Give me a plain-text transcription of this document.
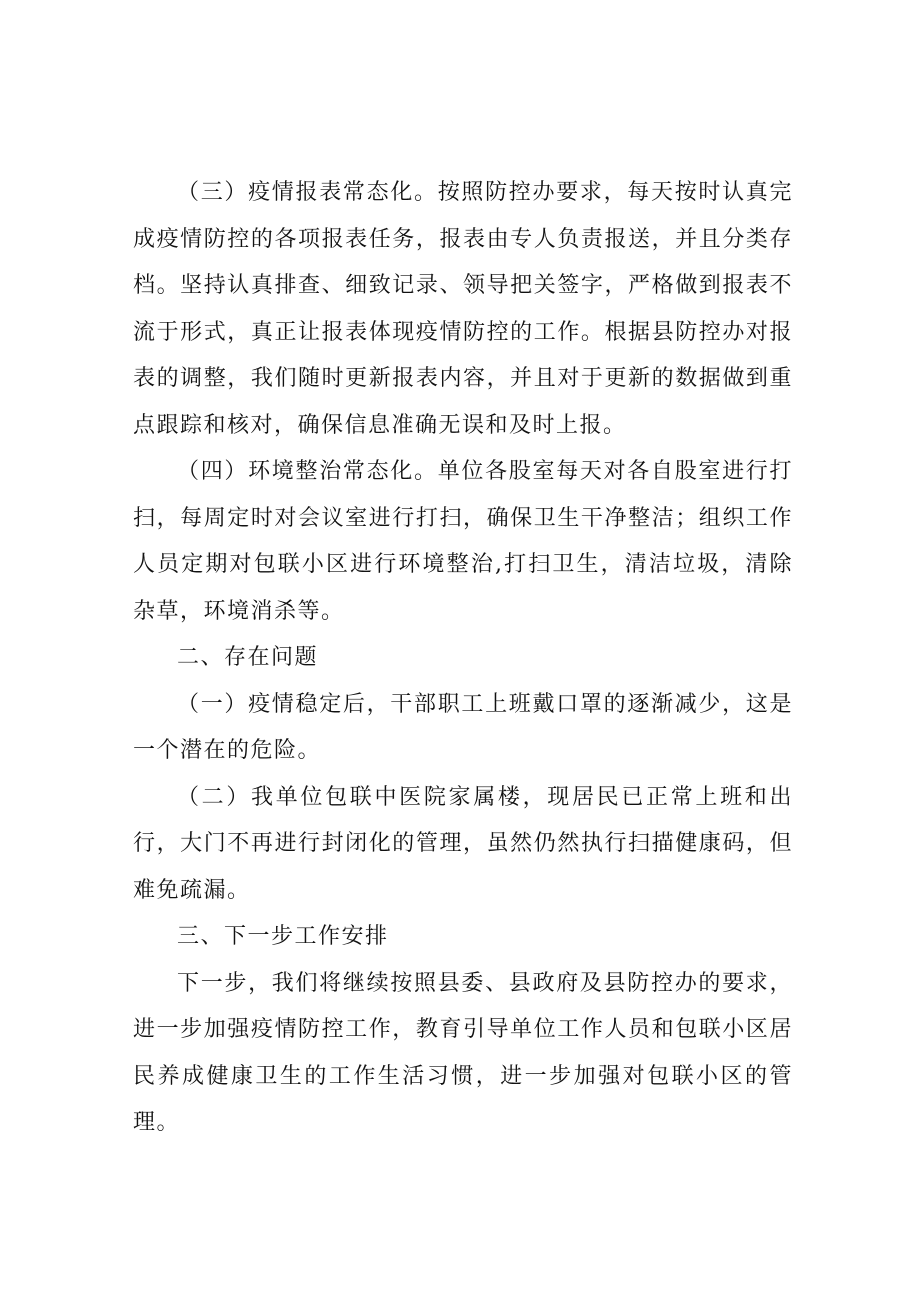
（三）疫情报表常态化。按照防控办要求，每天按时认真完成疫情防控的各项报表任务，报表由专人负责报送，并且分类存档。坚持认真排查、细致记录、领导把关签字，严格做到报表不流于形式，真正让报表体现疫情防控的工作。根据县防控办对报表的调整，我们随时更新报表内容，并且对于更新的数据做到重点跟踪和核对，确保信息准确无误和及时上报。

（四）环境整治常态化。单位各股室每天对各自股室进行打扫，每周定时对会议室进行打扫，确保卫生干净整洁；组织工作人员定期对包联小区进行环境整治,打扫卫生，清洁垃圾，清除杂草，环境消杀等。

二、存在问题

（一）疫情稳定后，干部职工上班戴口罩的逐渐减少，这是一个潜在的危险。

（二）我单位包联中医院家属楼，现居民已正常上班和出行，大门不再进行封闭化的管理，虽然仍然执行扫描健康码，但难免疏漏。

三、下一步工作安排

下一步，我们将继续按照县委、县政府及县防控办的要求，进一步加强疫情防控工作，教育引导单位工作人员和包联小区居民养成健康卫生的工作生活习惯，进一步加强对包联小区的管理。
